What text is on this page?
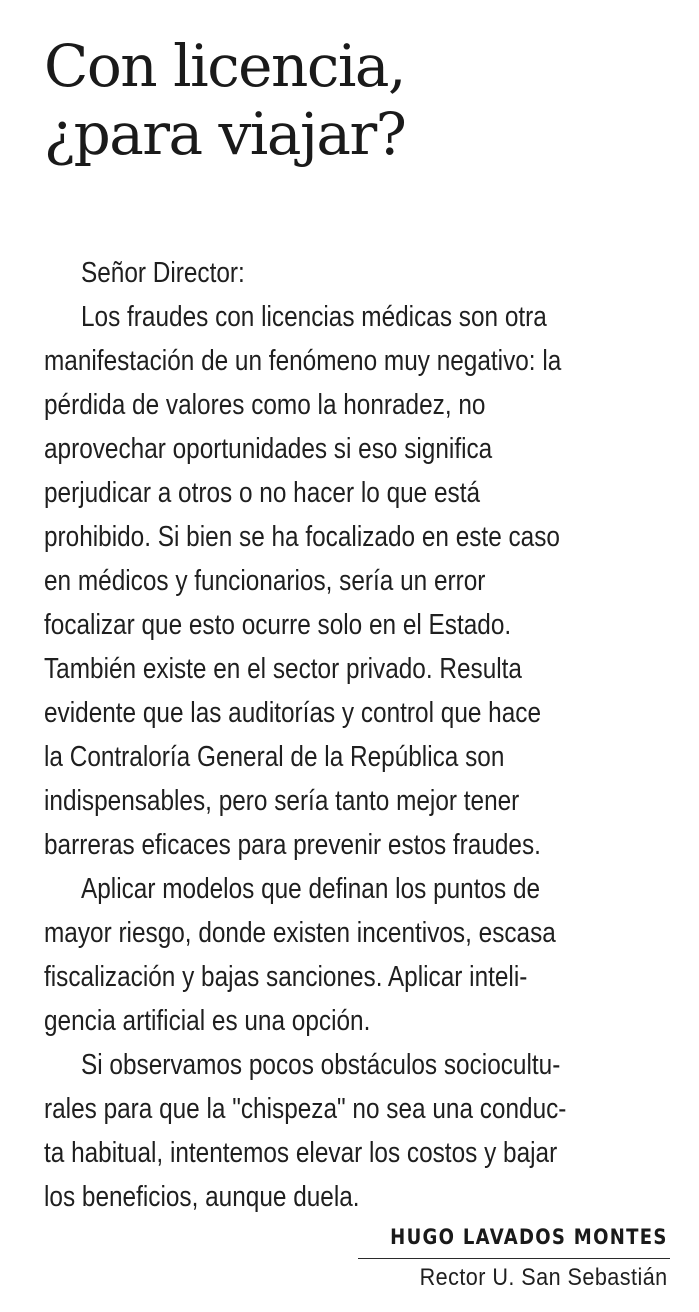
Con licencia,
¿para viajar?
Señor Director:
Los fraudes con licencias médicas son otra
manifestación de un fenómeno muy negativo: la
pérdida de valores como la honradez, no
aprovechar oportunidades si eso significa
perjudicar a otros o no hacer lo que está
prohibido. Si bien se ha focalizado en este caso
en médicos y funcionarios, sería un error
focalizar que esto ocurre solo en el Estado.
También existe en el sector privado. Resulta
evidente que las auditorías y control que hace
la Contraloría General de la República son
indispensables, pero sería tanto mejor tener
barreras eficaces para prevenir estos fraudes.
Aplicar modelos que definan los puntos de
mayor riesgo, donde existen incentivos, escasa
fiscalización y bajas sanciones. Aplicar inteli-
gencia artificial es una opción.
Si observamos pocos obstáculos sociocultu-
rales para que la "chispeza" no sea una conduc-
ta habitual, intentemos elevar los costos y bajar
los beneficios, aunque duela.
HUGO LAVADOS MONTES
Rector U. San Sebastián
